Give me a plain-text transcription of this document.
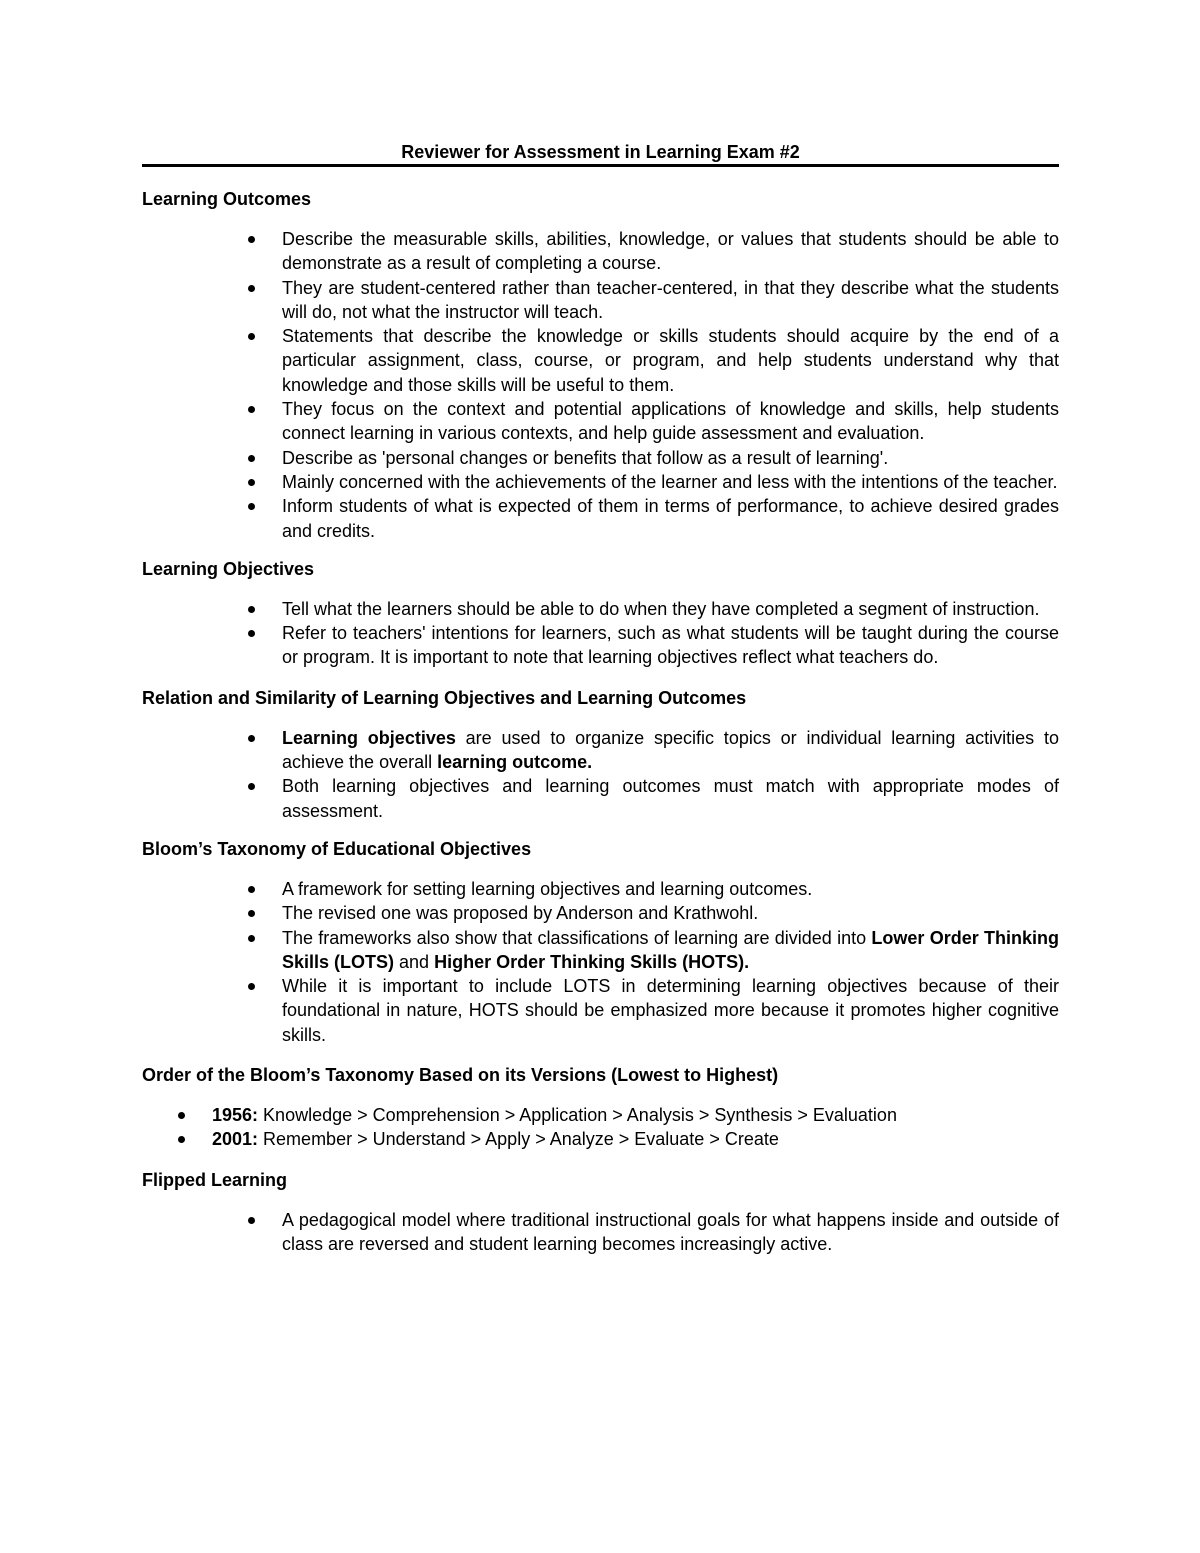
Reviewer for Assessment in Learning Exam #2
Learning Outcomes
Describe the measurable skills, abilities, knowledge, or values that students should be able to demonstrate as a result of completing a course.
They are student-centered rather than teacher-centered, in that they describe what the students will do, not what the instructor will teach.
Statements that describe the knowledge or skills students should acquire by the end of a particular assignment, class, course, or program, and help students understand why that knowledge and those skills will be useful to them.
They focus on the context and potential applications of knowledge and skills, help students connect learning in various contexts, and help guide assessment and evaluation.
Describe as 'personal changes or benefits that follow as a result of learning'.
Mainly concerned with the achievements of the learner and less with the intentions of the teacher.
Inform students of what is expected of them in terms of performance, to achieve desired grades and credits.
Learning Objectives
Tell what the learners should be able to do when they have completed a segment of instruction.
Refer to teachers' intentions for learners, such as what students will be taught during the course or program. It is important to note that learning objectives reflect what teachers do.
Relation and Similarity of Learning Objectives and Learning Outcomes
Learning objectives are used to organize specific topics or individual learning activities to achieve the overall learning outcome.
Both learning objectives and learning outcomes must match with appropriate modes of assessment.
Bloom’s Taxonomy of Educational Objectives
A framework for setting learning objectives and learning outcomes.
The revised one was proposed by Anderson and Krathwohl.
The frameworks also show that classifications of learning are divided into Lower Order Thinking Skills (LOTS) and Higher Order Thinking Skills (HOTS).
While it is important to include LOTS in determining learning objectives because of their foundational in nature, HOTS should be emphasized more because it promotes higher cognitive skills.
Order of the Bloom’s Taxonomy Based on its Versions (Lowest to Highest)
1956: Knowledge > Comprehension > Application > Analysis > Synthesis > Evaluation
2001: Remember > Understand > Apply > Analyze > Evaluate > Create
Flipped Learning
A pedagogical model where traditional instructional goals for what happens inside and outside of class are reversed and student learning becomes increasingly active.
